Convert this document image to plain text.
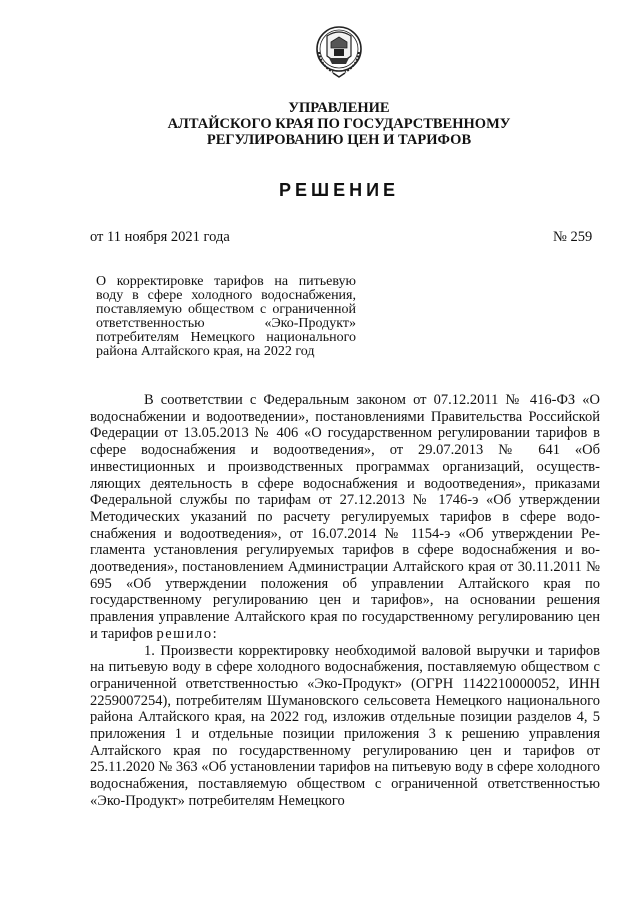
УПРАВЛЕНИЕ
АЛТАЙСКОГО КРАЯ ПО ГОСУДАРСТВЕННОМУ
РЕГУЛИРОВАНИЮ ЦЕН И ТАРИФОВ
РЕШЕНИЕ
от 11 ноября 2021 года	№ 259
О корректировке тарифов на питьевую воду в сфере холодного водоснабжения, поставляемую обществом с ограниченной ответственностью «Эко-Продукт» потребителям Немецкого национального района Алтайского края, на 2022 год

В соответствии с Федеральным законом от 07.12.2011 № 416-ФЗ «О водоснабжении и водоотведении», постановлениями Правительства Российской Федерации от 13.05.2013 № 406 «О государственном регулировании тарифов в сфере водоснабжения и водоотведения», от 29.07.2013 № 641 «Об инвестиционных и производственных программах организаций, осуществляющих деятельность в сфере водоснабжения и водоотведения», приказами Федеральной службы по тарифам от 27.12.2013 № 1746-э «Об утверждении Методических указаний по расчету регулируемых тарифов в сфере водоснабжения и водоотведения», от 16.07.2014 № 1154-э «Об утверждении Регламента установления регулируемых тарифов в сфере водоснабжения и водоотведения», постановлением Администрации Алтайского края от 30.11.2011 № 695 «Об утверждении положения об управлении Алтайского края по государственному регулированию цен и тарифов», на основании решения правления управление Алтайского края по государственному регулированию цен и тарифов решило:

1. Произвести корректировку необходимой валовой выручки и тарифов на питьевую воду в сфере холодного водоснабжения, поставляемую обществом с ограниченной ответственностью «Эко-Продукт» (ОГРН 1142210000052, ИНН 2259007254), потребителям Шумановского сельсовета Немецкого национального района Алтайского края, на 2022 год, изложив отдельные позиции разделов 4, 5 приложения 1 и отдельные позиции приложения 3 к решению управления Алтайского края по государственному регулированию цен и тарифов от 25.11.2020 № 363 «Об установлении тарифов на питьевую воду в сфере холодного водоснабжения, поставляемую обществом с ограниченной ответственностью «Эко-Продукт» потребителям Немецкого
